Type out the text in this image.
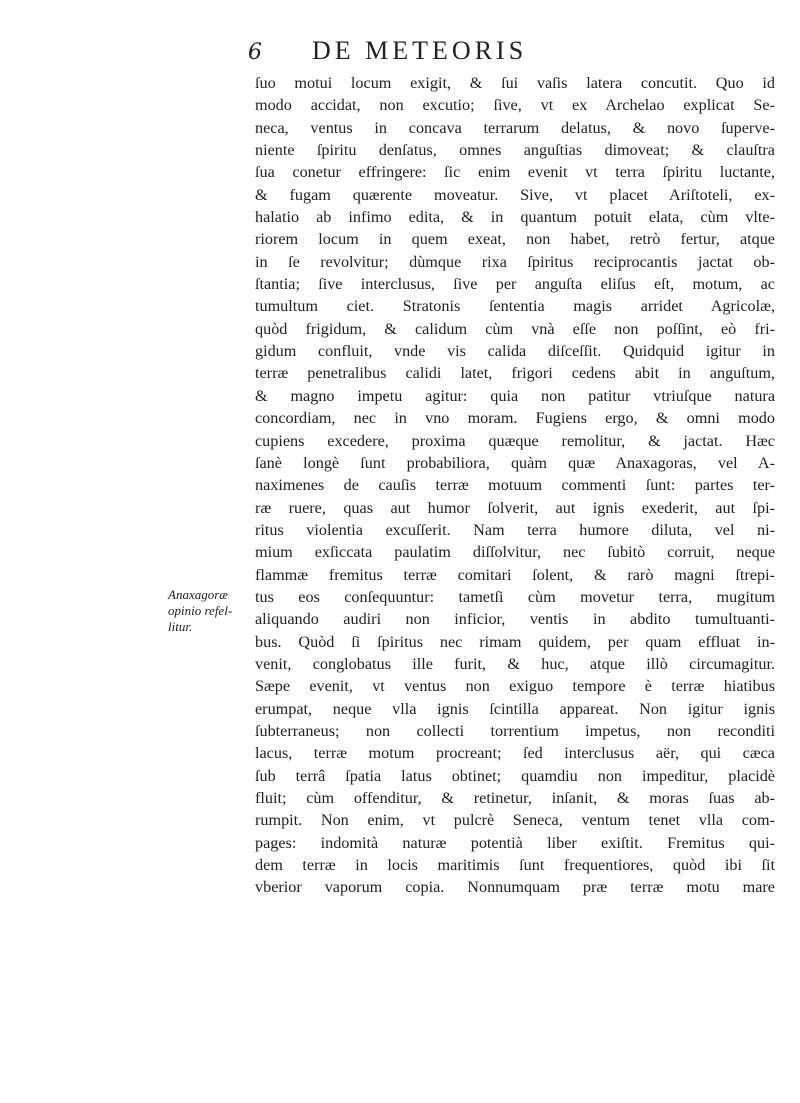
6 DE METEORIS
Anaxagoræ
opinio refel-
litur.
ſuo motui locum exigit, & ſui vaſis latera concutit. Quo id
modo accidat, non excutio; ſive, vt ex Archelao explicat Se-
neca, ventus in concava terrarum delatus, & novo ſuperve-
niente ſpiritu denſatus, omnes anguſtias dimoveat; & clauſtra
ſua conetur effringere: ſic enim evenit vt terra ſpiritu luctante,
& fugam quærente moveatur. Sive, vt placet Ariſtoteli, ex-
halatio ab infimo edita, & in quantum potuit elata, cùm vlte-
riorem locum in quem exeat, non habet, retrò fertur, atque
in ſe revolvitur; dùmque rixa ſpiritus reciprocantis jactat ob-
ſtantia; ſive interclusus, ſive per anguſta eliſus eſt, motum, ac
tumultum ciet. Stratonis ſententia magis arridet Agricolæ,
quòd frigidum, & calidum cùm vnà eſſe non poſſint, eò fri-
gidum confluit, vnde vis calida diſceſſit. Quidquid igitur in
terræ penetralibus calidi latet, frigori cedens abit in anguſtum,
& magno impetu agitur: quia non patitur vtriuſque natura
concordiam, nec in vno moram. Fugiens ergo, & omni modo
cupiens excedere, proxima quæque remolitur, & jactat. Hæc
ſanè longè ſunt probabiliora, quàm quæ Anaxagoras, vel A-
naximenes de cauſis terræ motuum commenti ſunt: partes ter-
ræ ruere, quas aut humor ſolverit, aut ignis exederit, aut ſpi-
ritus violentia excuſſerit. Nam terra humore diluta, vel ni-
mium exſiccata paulatim diſſolvitur, nec ſubitò corruit, neque
flammæ fremitus terræ comitari ſolent, & rarò magni ſtrepi-
tus eos conſequuntur: tametſi cùm movetur terra, mugitum
aliquando audiri non inficior, ventis in abdito tumultuanti-
bus. Quòd ſi ſpiritus nec rimam quidem, per quam effluat in-
venit, conglobatus ille furit, & huc, atque illò circumagitur.
Sæpe evenit, vt ventus non exiguo tempore è terræ hiatibus
erumpat, neque vlla ignis ſcintilla appareat. Non igitur ignis
ſubterraneus; non collecti torrentium impetus, non reconditi
lacus, terræ motum procreant; ſed interclusus aër, qui cæca
ſub terrâ ſpatia latus obtinet; quamdiu non impeditur, placidè
fluit; cùm offenditur, & retinetur, inſanit, & moras ſuas ab-
rumpit. Non enim, vt pulcrè Seneca, ventum tenet vlla com-
pages: indomità naturæ potentià liber exiſtit. Fremitus qui-
dem terræ in locis maritimis ſunt frequentiores, quòd ibi ſit
vberior vaporum copia. Nonnumquam præ terræ motu mare
